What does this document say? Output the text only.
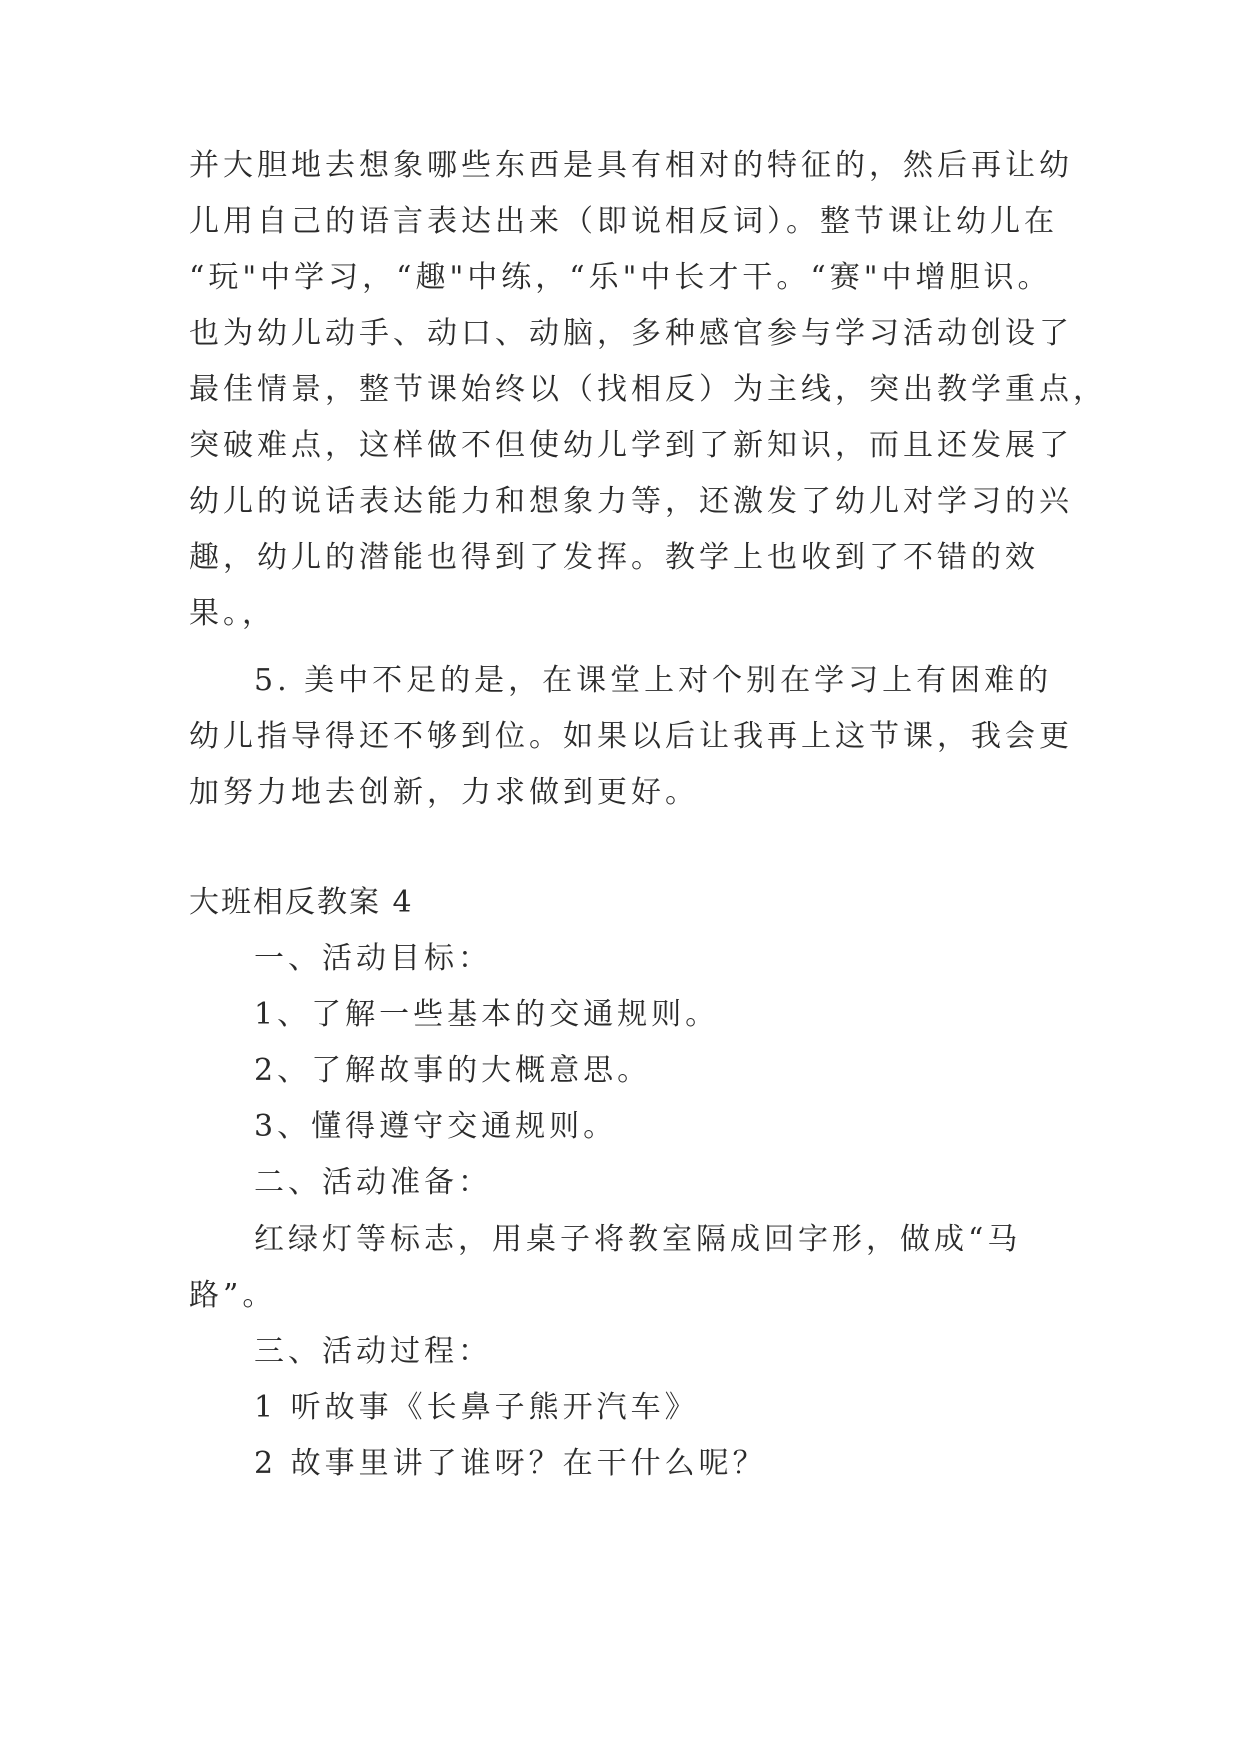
并大胆地去想象哪些东西是具有相对的特征的，然后再让幼
儿用自己的语言表达出来（即说相反词）。整节课让幼儿在
“玩"中学习，“趣"中练，“乐"中长才干。“赛"中增胆识。
也为幼儿动手、动口、动脑，多种感官参与学习活动创设了
最佳情景，整节课始终以（找相反）为主线，突出教学重点，
突破难点，这样做不但使幼儿学到了新知识，而且还发展了
幼儿的说话表达能力和想象力等，还激发了幼儿对学习的兴
趣，幼儿的潜能也得到了发挥。教学上也收到了不错的效
果。，
5. 美中不足的是，在课堂上对个别在学习上有困难的
幼儿指导得还不够到位。如果以后让我再上这节课，我会更
加努力地去创新，力求做到更好。
大班相反教案 4
一、活动目标：
1、了解一些基本的交通规则。
2、了解故事的大概意思。
3、懂得遵守交通规则。
二、活动准备：
红绿灯等标志，用桌子将教室隔成回字形，做成“马
路”。
三、活动过程：
1 听故事《长鼻子熊开汽车》
2 故事里讲了谁呀？在干什么呢？
